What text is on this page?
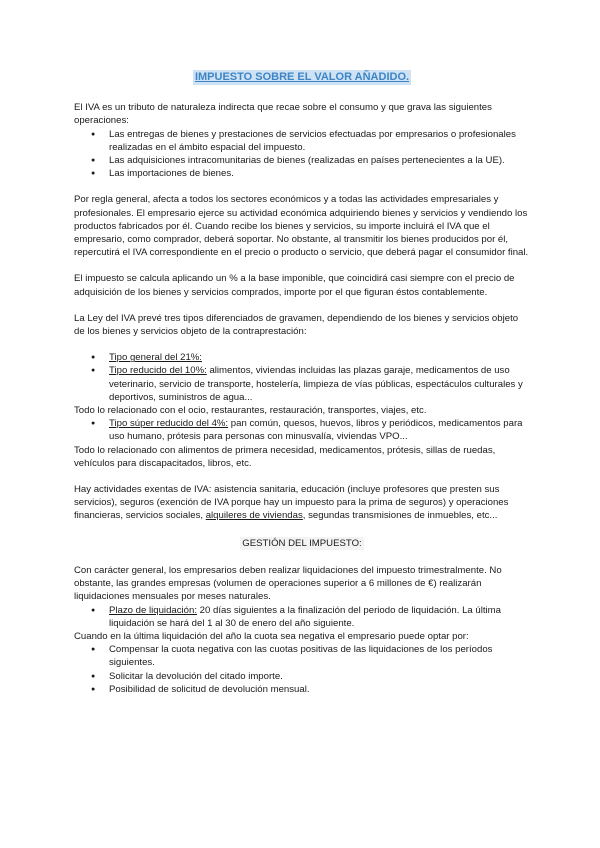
IMPUESTO SOBRE EL VALOR AÑADIDO.

El IVA es un tributo de naturaleza indirecta que recae sobre el consumo y que grava las siguientes operaciones:

● Las entregas de bienes y prestaciones de servicios efectuadas por empresarios o profesionales realizadas en el ámbito espacial del impuesto.
● Las adquisiciones intracomunitarias de bienes (realizadas en países pertenecientes a la UE).
● Las importaciones de bienes.

Por regla general, afecta a todos los sectores económicos y a todas las actividades empresariales y profesionales. El empresario ejerce su actividad económica adquiriendo bienes y servicios y vendiendo los productos fabricados por él. Cuando recibe los bienes y servicios, su importe incluirá el IVA que el empresario, como comprador, deberá soportar. No obstante, al transmitir los bienes producidos por él, repercutirá el IVA correspondiente en el precio o producto o servicio, que deberá pagar el consumidor final.

El impuesto se calcula aplicando un % a la base imponible, que coincidirá casi siempre con el precio de adquisición de los bienes y servicios comprados, importe por el que figuran éstos contablemente.

La Ley del IVA prevé tres tipos diferenciados de gravamen, dependiendo de los bienes y servicios objeto de los bienes y servicios objeto de la contraprestación:

● Tipo general del 21%:
● Tipo reducido del 10%: alimentos, viviendas incluidas las plazas garaje, medicamentos de uso veterinario, servicio de transporte, hostelería, limpieza de vías públicas, espectáculos culturales y deportivos, suministros de agua...

Todo lo relacionado con el ocio, restaurantes, restauración, transportes, viajes, etc.

● Tipo súper reducido del 4%: pan común, quesos, huevos, libros y periódicos, medicamentos para uso humano, prótesis para personas con minusvalía, viviendas VPO...

Todo lo relacionado con alimentos de primera necesidad, medicamentos, prótesis, sillas de ruedas, vehículos para discapacitados, libros, etc.

Hay actividades exentas de IVA: asistencia sanitaria, educación (incluye profesores que presten sus servicios), seguros (exención de IVA porque hay un impuesto para la prima de seguros) y operaciones financieras, servicios sociales, alquileres de viviendas, segundas transmisiones de inmuebles, etc...

GESTIÓN DEL IMPUESTO:

Con carácter general, los empresarios deben realizar liquidaciones del impuesto trimestralmente. No obstante, las grandes empresas (volumen de operaciones superior a 6 millones de €) realizarán liquidaciones mensuales por meses naturales.

● Plazo de liquidación: 20 días siguientes a la finalización del periodo de liquidación. La última liquidación se hará del 1 al 30 de enero del año siguiente.

Cuando en la última liquidación del año la cuota sea negativa el empresario puede optar por:

● Compensar la cuota negativa con las cuotas positivas de las liquidaciones de los períodos siguientes.
● Solicitar la devolución del citado importe.
● Posibilidad de solicitud de devolución mensual.
